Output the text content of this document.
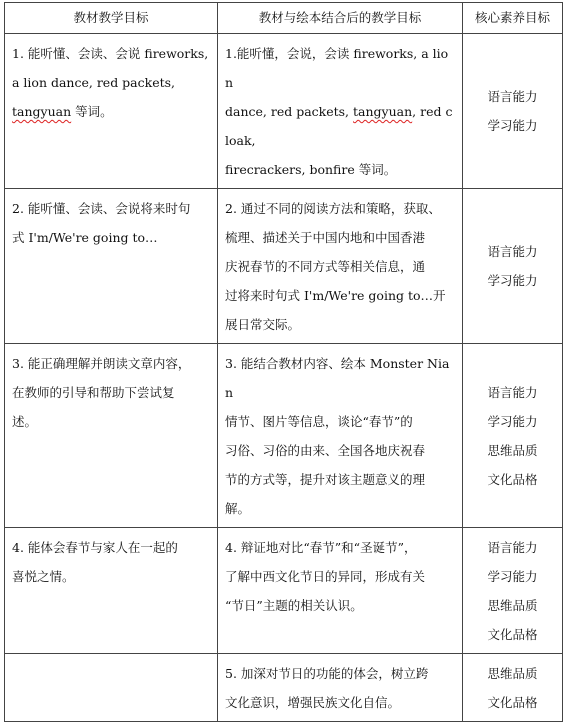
教材教学目标	教材与绘本结合后的教学目标	核心素养目标

1. 能听懂、会读、会说 fireworks,
a lion dance, red packets,
tangyuan 等词。	1.能听懂，会说，会读 fireworks, a lion
dance, red packets, tangyuan, red cloak,
firecrackers, bonfire 等词。	语言能力
学习能力

2. 能听懂、会读、会说将来时句
式 I'm/We're going to…	2. 通过不同的阅读方法和策略，获取、
梳理、描述关于中国内地和中国香港
庆祝春节的不同方式等相关信息，通
过将来时句式 I'm/We're going to…开
展日常交际。	语言能力
学习能力

3. 能正确理解并朗读文章内容，
在教师的引导和帮助下尝试复
述。	3. 能结合教材内容、绘本 Monster Nian
情节、图片等信息，谈论“春节”的
习俗、习俗的由来、全国各地庆祝春
节的方式等，提升对该主题意义的理
解。	语言能力
学习能力
思维品质
文化品格

4. 能体会春节与家人在一起的
喜悦之情。	4. 辩证地对比“春节”和“圣诞节”，
了解中西文化节日的异同，形成有关
“节日”主题的相关认识。	语言能力
学习能力
思维品质
文化品格

	5. 加深对节日的功能的体会，树立跨
文化意识，增强民族文化自信。	思维品质
文化品格
